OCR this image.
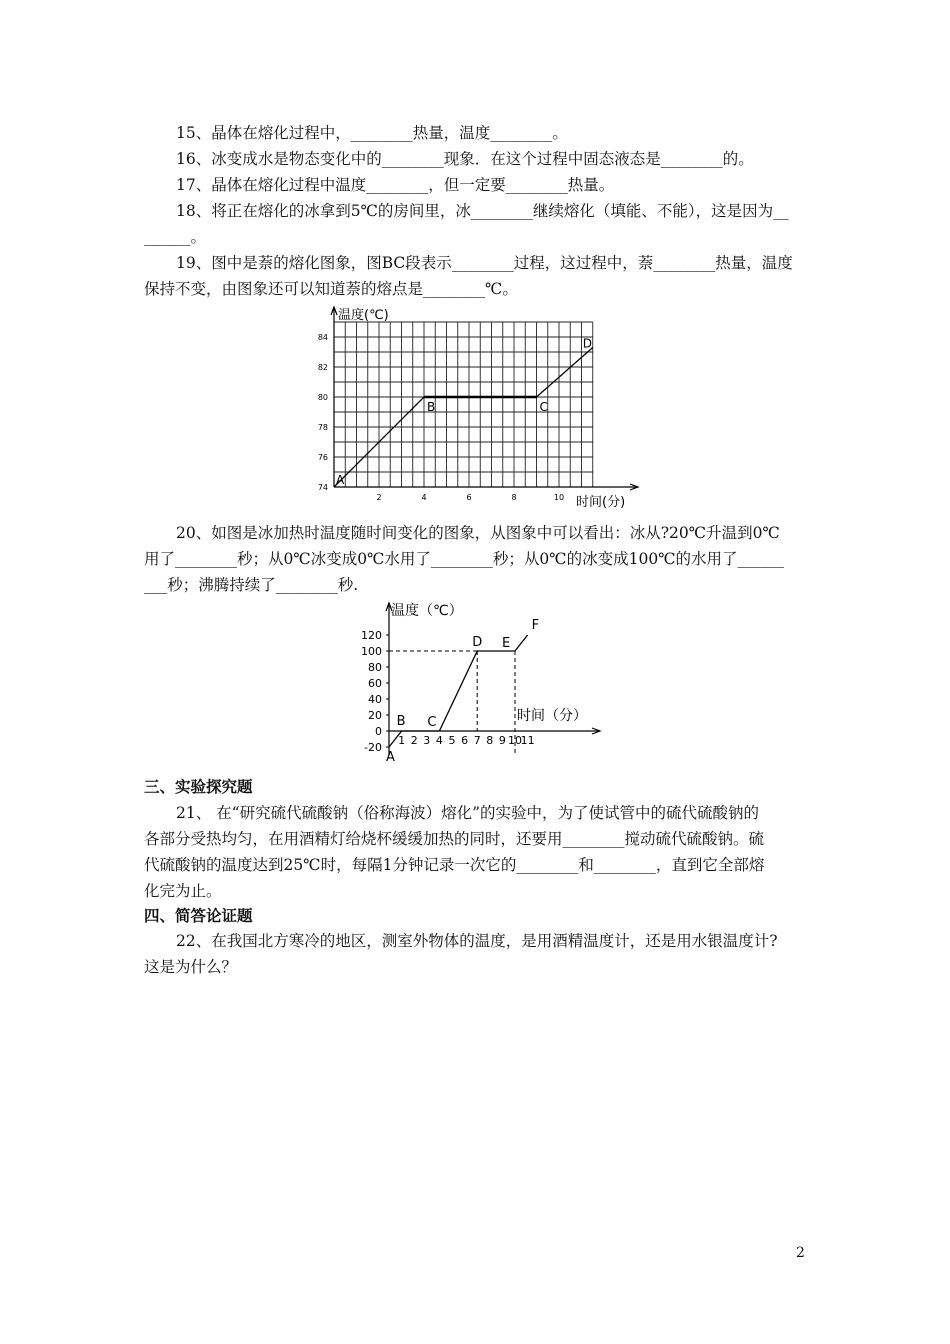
15、晶体在熔化过程中，________热量，温度________。
16、冰变成水是物态变化中的________现象．在这个过程中固态液态是________的。
17、晶体在熔化过程中温度________，但一定要________热量。
18、将正在熔化的冰拿到5℃的房间里，冰________继续熔化（填能、不能），这是因为__
______。
19、图中是萘的熔化图象，图BC段表示________过程，这过程中，萘________热量，温度
保持不变，由图象还可以知道萘的熔点是________℃。
74
76
78
80
82
84
2	4	6	8	10
A
B	C
D
温度(℃)
时间(分)
20、如图是冰加热时温度随时间变化的图象，从图象中可以看出：冰从?20℃升温到0℃
用了________秒；从0℃冰变成0℃水用了________秒；从0℃的冰变成100℃的水用了______
___秒；沸腾持续了________秒.
-20
0
20
40
60
80
100
120
1 2 3 4 5 6 7 8 9 10
11
A
B C
D E
F
温度（℃）
时间（分）
三、实验探究题
21、 在“研究硫代硫酸钠（俗称海波）熔化”的实验中，为了使试管中的硫代硫酸钠的
各部分受热均匀，在用酒精灯给烧杯缓缓加热的同时，还要用________搅动硫代硫酸钠。硫
代硫酸钠的温度达到25℃时，每隔1分钟记录一次它的________和________，直到它全部熔
化完为止。
四、简答论证题
22、在我国北方寒冷的地区，测室外物体的温度，是用酒精温度计，还是用水银温度计?
这是为什么？
2
